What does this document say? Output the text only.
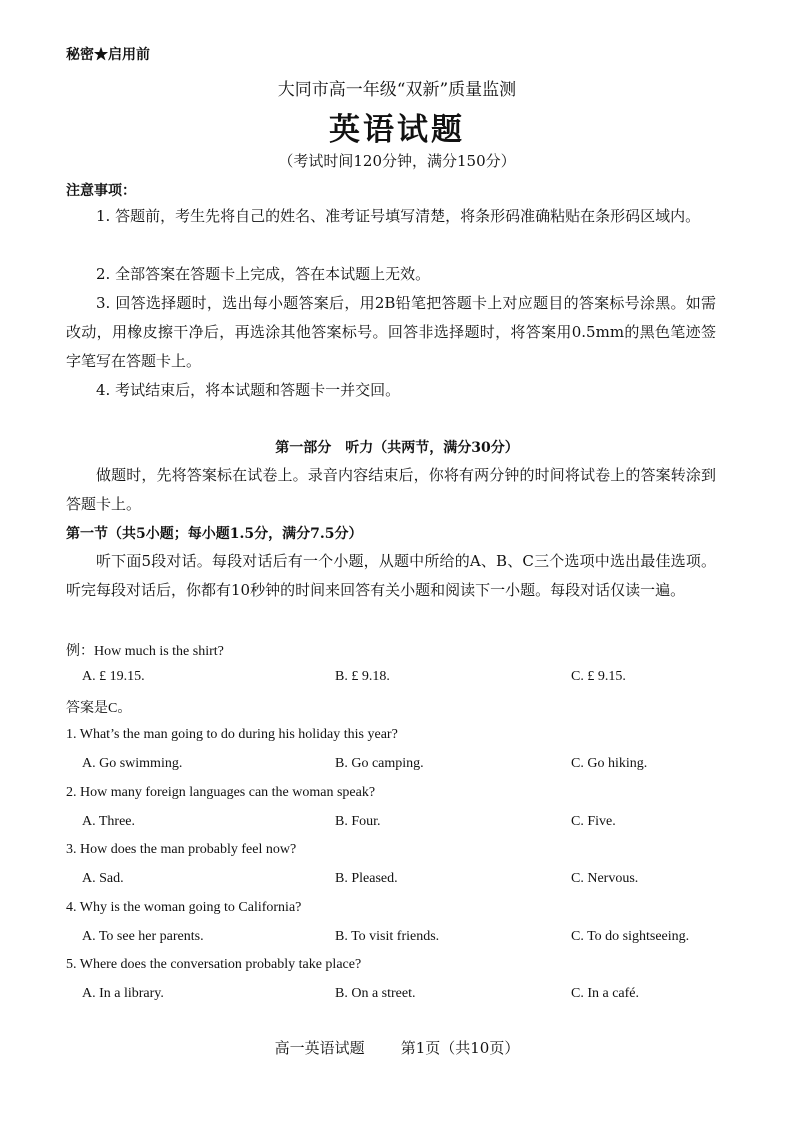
秘密★启用前
大同市高一年级“双新”质量监测
英语试题
（考试时间120分钟，满分150分）
注意事项：
1. 答题前，考生先将自己的姓名、准考证号填写清楚，将条形码准确粘贴在条形码区域内。
2. 全部答案在答题卡上完成，答在本试题上无效。
3. 回答选择题时，选出每小题答案后，用2B铅笔把答题卡上对应题目的答案标号涂黑。如需改动，用橡皮擦干净后，再选涂其他答案标号。回答非选择题时，将答案用0.5mm的黑色笔迹签字笔写在答题卡上。
4. 考试结束后，将本试题和答题卡一并交回。
第一部分　听力（共两节，满分30分）
做题时，先将答案标在试卷上。录音内容结束后，你将有两分钟的时间将试卷上的答案转涂到答题卡上。
第一节（共5小题；每小题1.5分，满分7.5分）
听下面5段对话。每段对话后有一个小题，从题中所给的A、B、C三个选项中选出最佳选项。听完每段对话后，你都有10秒钟的时间来回答有关小题和阅读下一小题。每段对话仅读一遍。
例：How much is the shirt?
A. £ 19.15.	B. £ 9.18.	C. £ 9.15.
答案是C。
1. What’s the man going to do during his holiday this year?
A. Go swimming.	B. Go camping.	C. Go hiking.
2. How many foreign languages can the woman speak?
A. Three.	B. Four.	C. Five.
3. How does the man probably feel now?
A. Sad.	B. Pleased.	C. Nervous.
4. Why is the woman going to California?
A. To see her parents.	B. To visit friends.	C. To do sightseeing.
5. Where does the conversation probably take place?
A. In a library.	B. On a street.	C. In a café.
高一英语试题 第1页（共10页）
